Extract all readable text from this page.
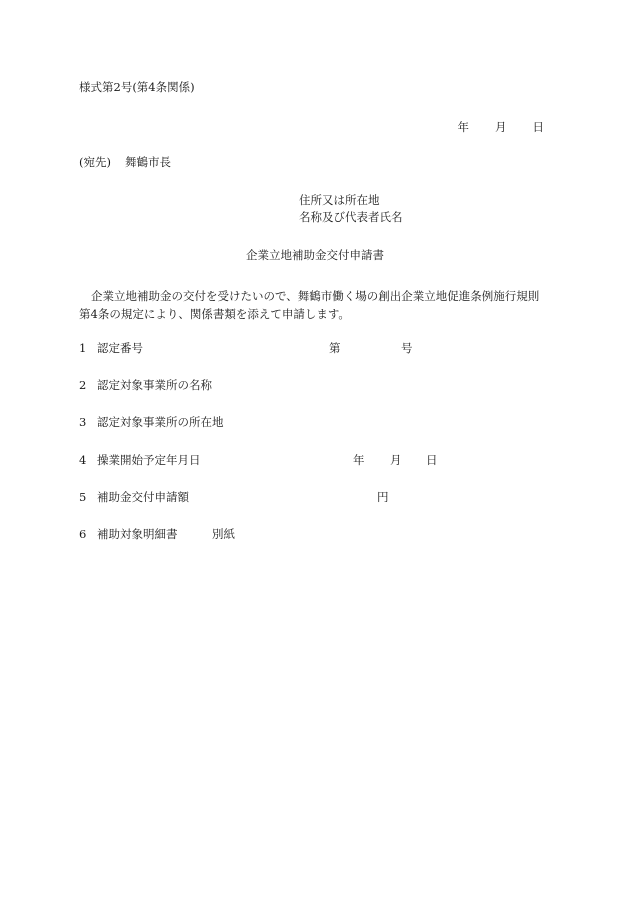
様式第2号(第4条関係)
年 月 日
(宛先) 舞鶴市長
住所又は所在地
名称及び代表者氏名
企業立地補助金交付申請書
企業立地補助金の交付を受けたいので、舞鶴市働く場の創出企業立地促進条例施行規則
第4条の規定により、関係書類を添えて申請します。
1 認定番号	第	号
2 認定対象事業所の名称
3 認定対象事業所の所在地
4 操業開始予定年月日	年 月 日
5 補助金交付申請額	円
6 補助対象明細書	別紙
